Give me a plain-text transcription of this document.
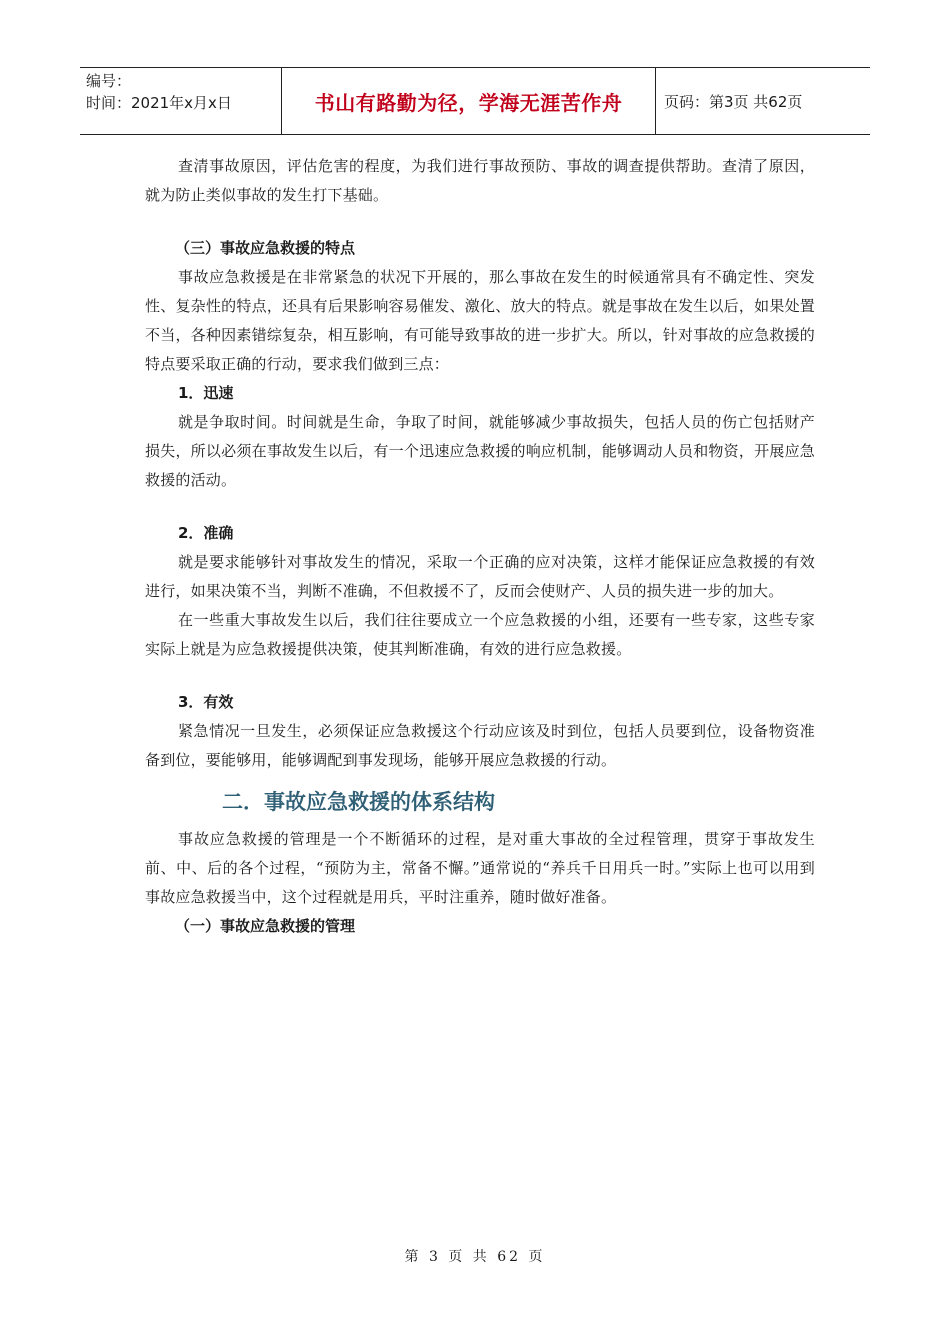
编号：
时间：2021年x月x日	书山有路勤为径，学海无涯苦作舟	页码：第3页 共62页

查清事故原因，评估危害的程度，为我们进行事故预防、事故的调查提供帮助。查清了原因，就为防止类似事故的发生打下基础。

（三）事故应急救援的特点

事故应急救援是在非常紧急的状况下开展的，那么事故在发生的时候通常具有不确定性、突发性、复杂性的特点，还具有后果影响容易催发、激化、放大的特点。就是事故在发生以后，如果处置不当，各种因素错综复杂，相互影响，有可能导致事故的进一步扩大。所以，针对事故的应急救援的特点要采取正确的行动，要求我们做到三点：

1．迅速

就是争取时间。时间就是生命，争取了时间，就能够减少事故损失，包括人员的伤亡包括财产损失，所以必须在事故发生以后，有一个迅速应急救援的响应机制，能够调动人员和物资，开展应急救援的活动。

2．准确

就是要求能够针对事故发生的情况，采取一个正确的应对决策，这样才能保证应急救援的有效进行，如果决策不当，判断不准确，不但救援不了，反而会使财产、人员的损失进一步的加大。

在一些重大事故发生以后，我们往往要成立一个应急救援的小组，还要有一些专家，这些专家实际上就是为应急救援提供决策，使其判断准确，有效的进行应急救援。

3．有效

紧急情况一旦发生，必须保证应急救援这个行动应该及时到位，包括人员要到位，设备物资准备到位，要能够用，能够调配到事发现场，能够开展应急救援的行动。

二．事故应急救援的体系结构

事故应急救援的管理是一个不断循环的过程，是对重大事故的全过程管理，贯穿于事故发生前、中、后的各个过程，“预防为主，常备不懈。”通常说的“养兵千日用兵一时。”实际上也可以用到事故应急救援当中，这个过程就是用兵，平时注重养，随时做好准备。

（一）事故应急救援的管理

第 3 页 共 62 页
